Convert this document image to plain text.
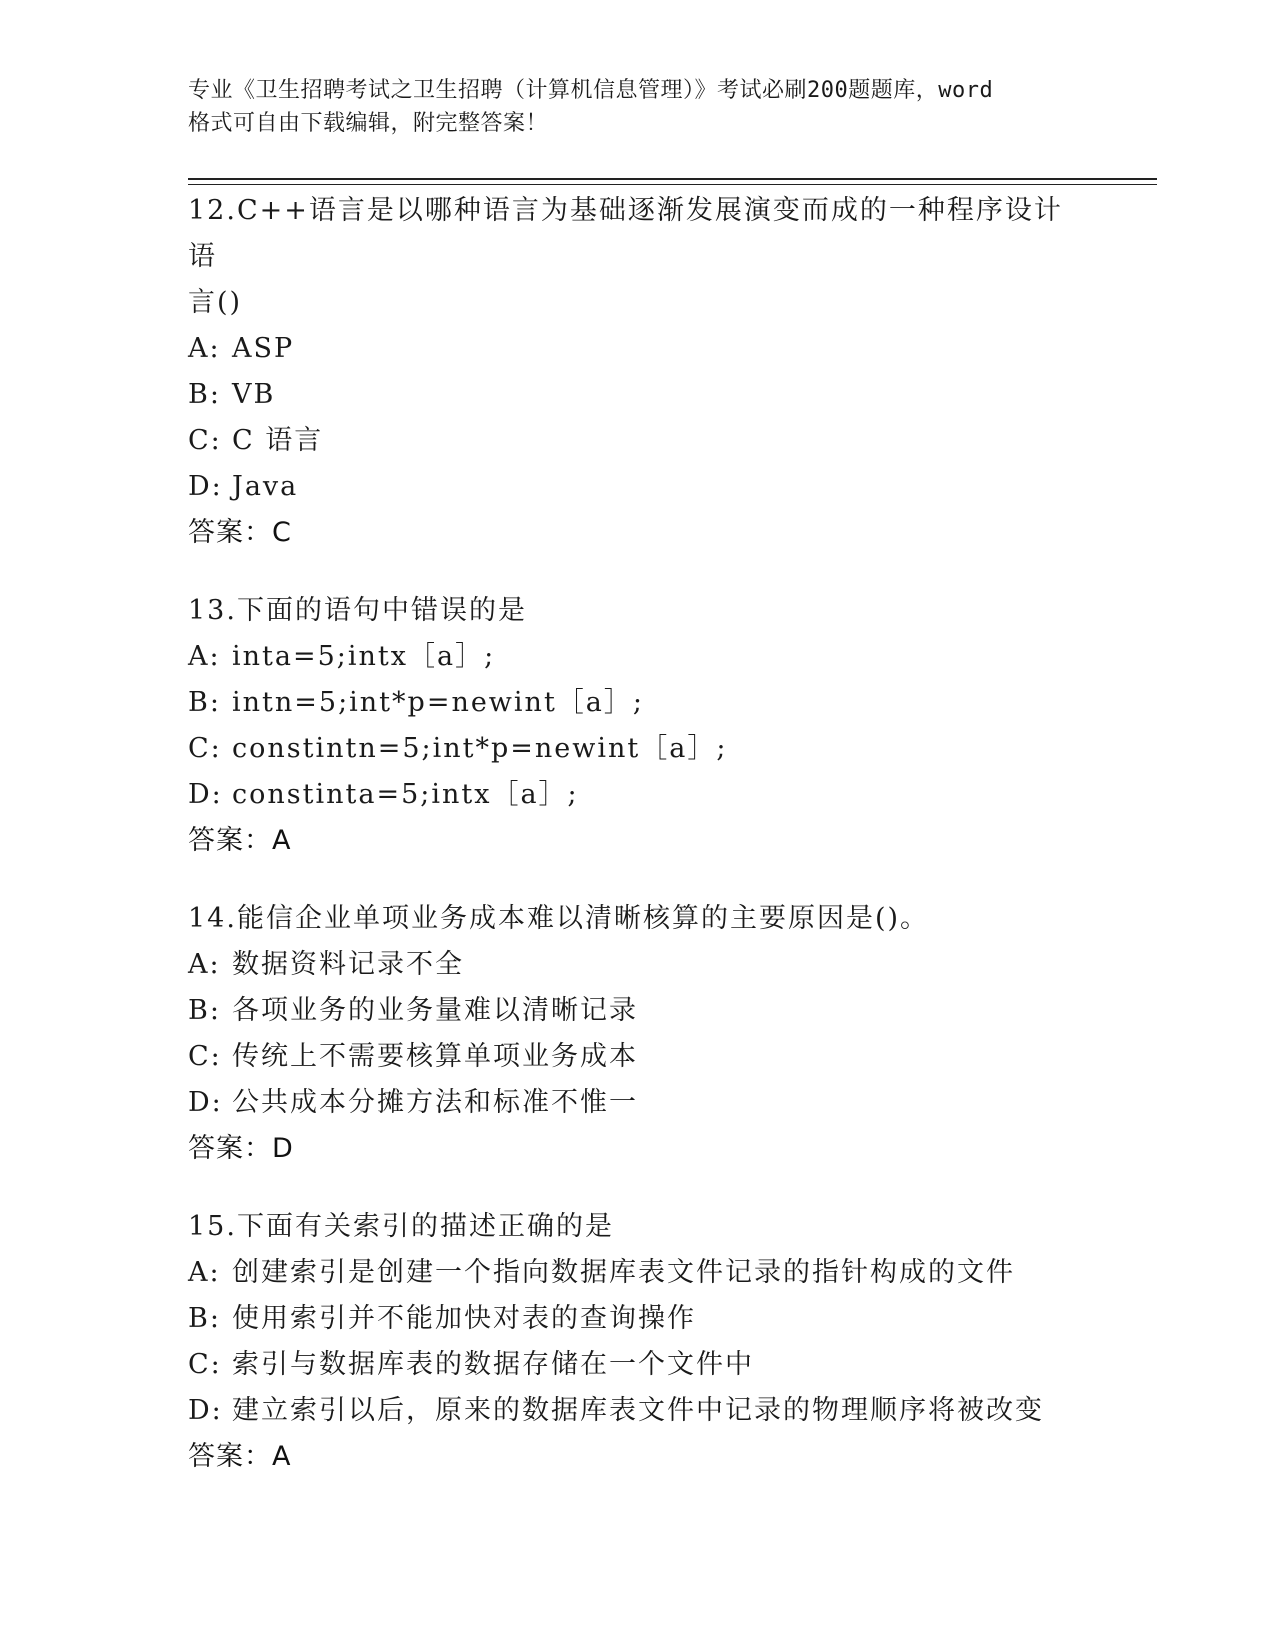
专业《卫生招聘考试之卫生招聘（计算机信息管理）》考试必刷200题题库，word
格式可自由下载编辑，附完整答案！
12.C++语言是以哪种语言为基础逐渐发展演变而成的一种程序设计语
言()
A: ASP
B: VB
C: C 语言
D: Java
答案：C
13.下面的语句中错误的是
A: inta=5;intx［a］;
B: intn=5;int*p=newint［a］;
C: constintn=5;int*p=newint［a］;
D: constinta=5;intx［a］;
答案：A
14.能信企业单项业务成本难以清晰核算的主要原因是()。
A: 数据资料记录不全
B: 各项业务的业务量难以清晰记录
C: 传统上不需要核算单项业务成本
D: 公共成本分摊方法和标准不惟一
答案：D
15.下面有关索引的描述正确的是
A: 创建索引是创建一个指向数据库表文件记录的指针构成的文件
B: 使用索引并不能加快对表的查询操作
C: 索引与数据库表的数据存储在一个文件中
D: 建立索引以后，原来的数据库表文件中记录的物理顺序将被改变
答案：A
